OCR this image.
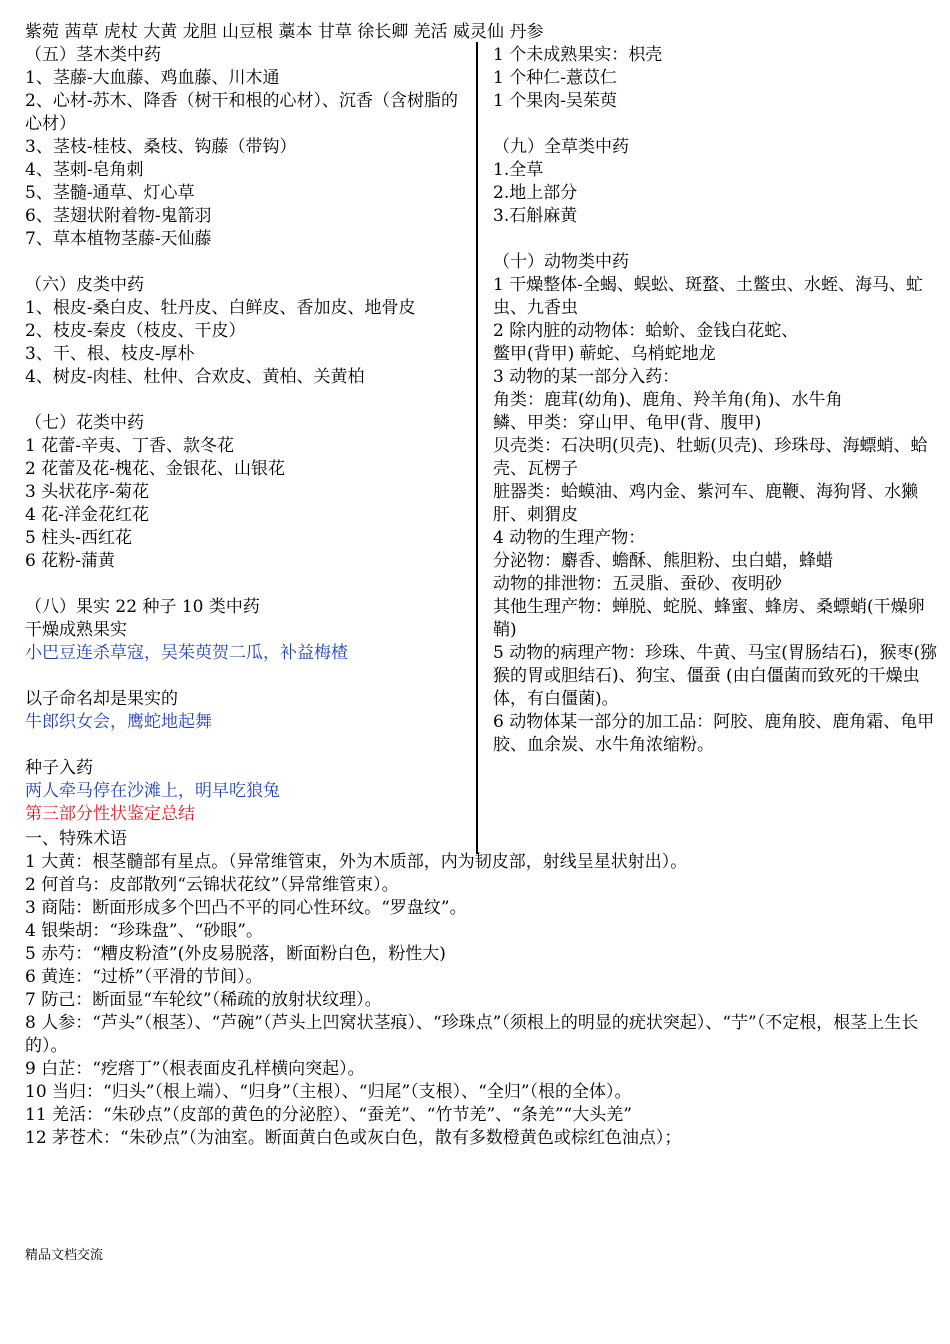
紫菀 茜草 虎杖 大黄 龙胆 山豆根 藁本 甘草 徐长卿 羌活 威灵仙 丹参
（五）茎木类中药
1、茎藤-大血藤、鸡血藤、川木通
2、心材-苏木、降香（树干和根的心材）、沉香（含树脂的心材）
3、茎枝-桂枝、桑枝、钩藤（带钩）
4、茎刺-皂角刺
5、茎髓-通草、灯心草
6、茎翅状附着物-鬼箭羽
7、草本植物茎藤-天仙藤
（六）皮类中药
1、根皮-桑白皮、牡丹皮、白鲜皮、香加皮、地骨皮
2、枝皮-秦皮（枝皮、干皮）
3、干、根、枝皮-厚朴
4、树皮-肉桂、杜仲、合欢皮、黄柏、关黄柏
（七）花类中药
1 花蕾-辛夷、丁香、款冬花
2 花蕾及花-槐花、金银花、山银花
3 头状花序-菊花
4 花-洋金花红花
5 柱头-西红花
6 花粉-蒲黄
（八）果实 22 种子 10 类中药
干燥成熟果实
小巴豆连杀草寇，吴茱萸贺二瓜，补益梅楂
以子命名却是果实的
牛郎织女会，鹰蛇地起舞
种子入药
两人牵马停在沙滩上，明早吃狼兔
第三部分性状鉴定总结
1 个未成熟果实：枳壳
1 个种仁-薏苡仁
1 个果肉-吴茱萸
（九）全草类中药
1.全草
2.地上部分
3.石斛麻黄
（十）动物类中药
1 干燥整体-全蝎、蜈蚣、斑蝥、土鳖虫、水蛭、海马、虻虫、九香虫
2 除内脏的动物体：蛤蚧、金钱白花蛇、
鳖甲(背甲) 蕲蛇、乌梢蛇地龙
3 动物的某一部分入药：
角类：鹿茸(幼角)、鹿角、羚羊角(角)、水牛角
鳞、甲类：穿山甲、龟甲(背、腹甲)
贝壳类：石决明(贝壳)、牡蛎(贝壳)、珍珠母、海螵蛸、蛤壳、瓦楞子
脏器类：蛤蟆油、鸡内金、紫河车、鹿鞭、海狗肾、水獭肝、刺猬皮
4 动物的生理产物：
分泌物：麝香、蟾酥、熊胆粉、虫白蜡，蜂蜡
动物的排泄物：五灵脂、蚕砂、夜明砂
其他生理产物：蝉脱、蛇脱、蜂蜜、蜂房、桑螵蛸(干燥卵鞘)
5 动物的病理产物：珍珠、牛黄、马宝(胃肠结石)，猴枣(猕猴的胃或胆结石)、狗宝、僵蚕 (由白僵菌而致死的干燥虫体，有白僵菌)。
6 动物体某一部分的加工品：阿胶、鹿角胶、鹿角霜、龟甲胶、血余炭、水牛角浓缩粉。
一、特殊术语
1 大黄：根茎髓部有星点。（异常维管束，外为木质部，内为韧皮部，射线呈星状射出）。
2 何首乌：皮部散列“云锦状花纹”（异常维管束）。
3 商陆：断面形成多个凹凸不平的同心性环纹。“罗盘纹”。
4 银柴胡：“珍珠盘”、“砂眼”。
5 赤芍：“糟皮粉渣”(外皮易脱落，断面粉白色，粉性大)
6 黄连：“过桥”（平滑的节间）。
7 防己：断面显“车轮纹”（稀疏的放射状纹理）。
8 人参：“芦头”（根茎）、“芦碗”（芦头上凹窝状茎痕）、“珍珠点”（须根上的明显的疣状突起）、“艼”（不定根，根茎上生长的）。
9 白芷：“疙瘩丁”（根表面皮孔样横向突起）。
10 当归：“归头”（根上端）、“归身”（主根）、“归尾”（支根）、“全归”（根的全体）。
11 羌活：“朱砂点”（皮部的黄色的分泌腔）、“蚕羌”、“竹节羌”、“条羌”“大头羌”
12 茅苍术：“朱砂点”（为油室。断面黄白色或灰白色，散有多数橙黄色或棕红色油点）；
精品文档交流
